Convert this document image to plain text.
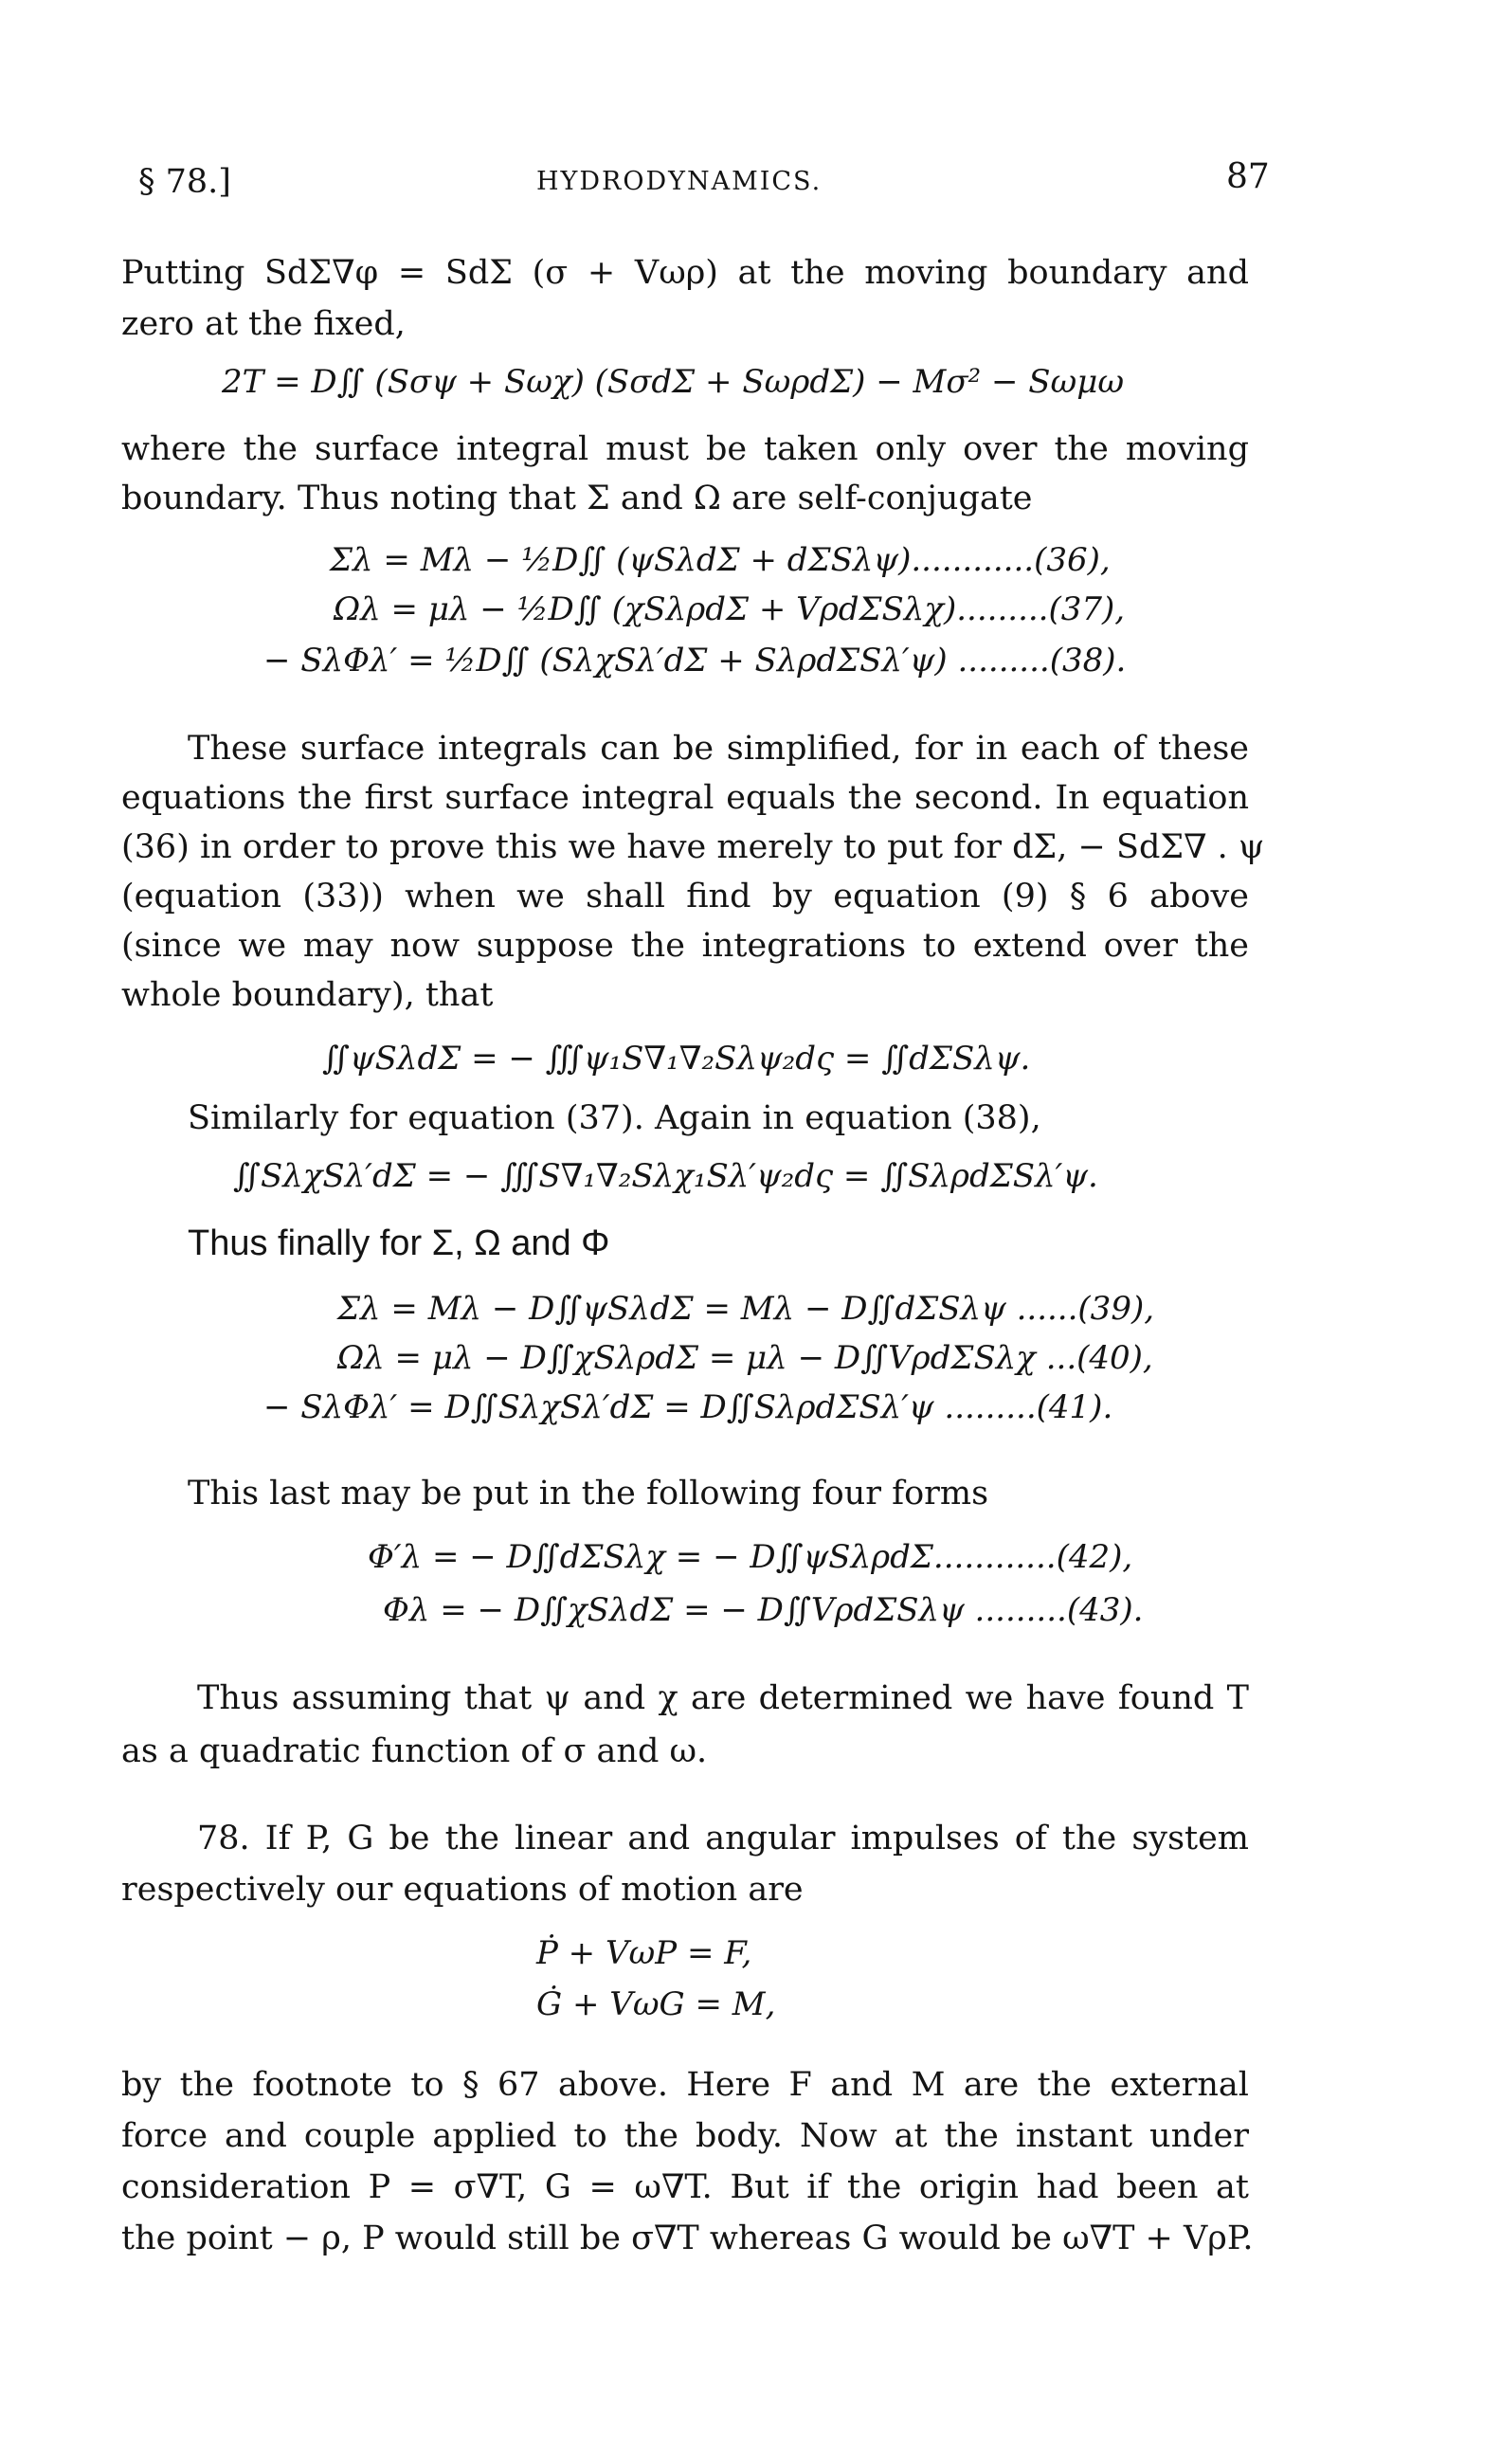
§ 78.]	HYDRODYNAMICS.	87
Putting SdΣ∇φ = SdΣ (σ + Vωρ) at the moving boundary and
zero at the fixed,
2T = D∬ (Sσψ + Sωχ) (SσdΣ + SωρdΣ) − Mσ² − Sωμω
where the surface integral must be taken only over the moving
boundary. Thus noting that Σ and Ω are self-conjugate
Σλ = Mλ − ½D∬ (ψSλdΣ + dΣSλψ)............(36),
Ωλ = μλ − ½D∬ (χSλρdΣ + VρdΣSλχ).........(37),
− SλΦλ′ = ½D∬ (SλχSλ′dΣ + SλρdΣSλ′ψ) .........(38).
These surface integrals can be simplified, for in each of these
equations the first surface integral equals the second. In equation
(36) in order to prove this we have merely to put for dΣ, − SdΣ∇ . ψ
(equation (33)) when we shall find by equation (9) § 6 above
(since we may now suppose the integrations to extend over the
whole boundary), that
∬ψSλdΣ = − ∭ψ₁S∇₁∇₂Sλψ₂dς = ∬dΣSλψ.
Similarly for equation (37). Again in equation (38),
∬SλχSλ′dΣ = − ∭S∇₁∇₂Sλχ₁Sλ′ψ₂dς = ∬SλρdΣSλ′ψ.
Thus finally for Σ, Ω and Φ
Σλ = Mλ − D∬ψSλdΣ = Mλ − D∬dΣSλψ ......(39),
Ωλ = μλ − D∬χSλρdΣ = μλ − D∬VρdΣSλχ ...(40),
− SλΦλ′ = D∬SλχSλ′dΣ = D∬SλρdΣSλ′ψ .........(41).
This last may be put in the following four forms
Φ′λ = − D∬dΣSλχ = − D∬ψSλρdΣ............(42),
Φλ = − D∬χSλdΣ = − D∬VρdΣSλψ .........(43).
Thus assuming that ψ and χ are determined we have found T
as a quadratic function of σ and ω.
78. If P, G be the linear and angular impulses of the system
respectively our equations of motion are
Ṗ + VωP = F,
Ġ + VωG = M,
by the footnote to § 67 above. Here F and M are the external
force and couple applied to the body. Now at the instant under
consideration P = σ∇T, G = ω∇T. But if the origin had been at
the point − ρ, P would still be σ∇T whereas G would be ω∇T + VρP.
